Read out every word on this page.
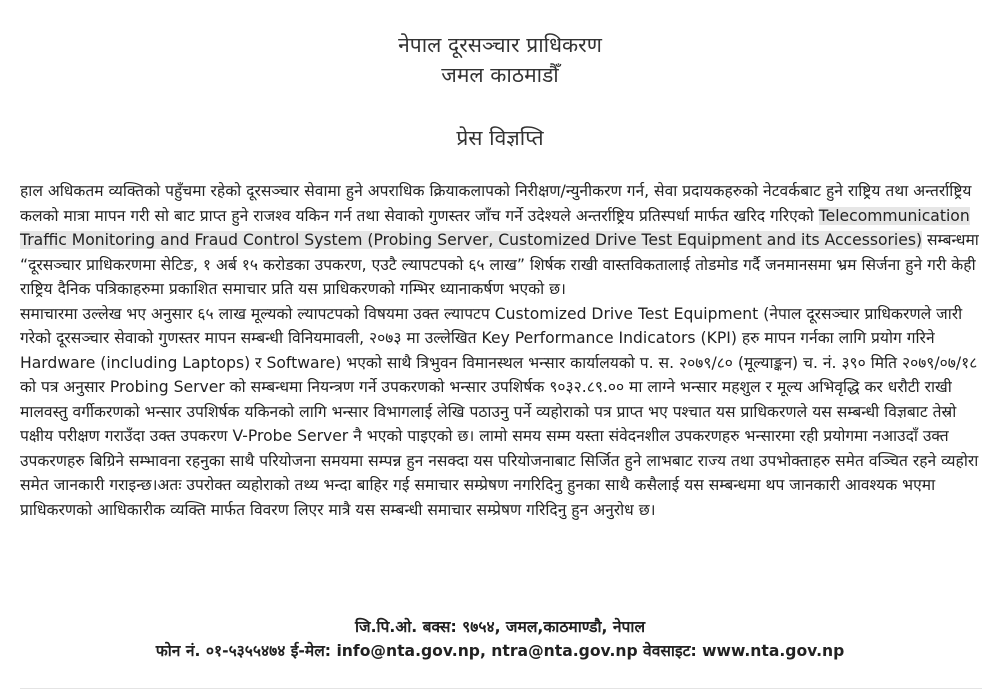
नेपाल दूरसञ्चार प्राधिकरण
जमल काठमाडौँ
प्रेस विज्ञप्ति

हाल अधिकतम व्यक्तिको पहुँचमा रहेको दूरसञ्चार सेवामा हुने अपराधिक क्रियाकलापको निरीक्षण/न्युनीकरण गर्न, सेवा प्रदायकहरुको नेटवर्कबाट हुने राष्ट्रिय तथा अन्तर्राष्ट्रिय कलको मात्रा मापन गरी सो बाट प्राप्त हुने राजश्व यकिन गर्न तथा सेवाको गुणस्तर जाँच गर्ने उदेश्यले अन्तर्राष्ट्रिय प्रतिस्पर्धा मार्फत खरिद गरिएको Telecommunication Traffic Monitoring and Fraud Control System (Probing Server, Customized Drive Test Equipment and its Accessories) सम्बन्धमा “दूरसञ्चार प्राधिकरणमा सेटिङ, १ अर्ब १५ करोडका उपकरण, एउटै ल्यापटपको ६५ लाख” शिर्षक राखी वास्तविकतालाई तोडमोड गर्दै जनमानसमा भ्रम सिर्जना हुने गरी केही राष्ट्रिय दैनिक पत्रिकाहरुमा प्रकाशित समाचार प्रति यस प्राधिकरणको गम्भिर ध्यानाकर्षण भएको छ।

समाचारमा उल्लेख भए अनुसार ६५ लाख मूल्यको ल्यापटपको विषयमा उक्त ल्यापटप Customized Drive Test Equipment (नेपाल दूरसञ्चार प्राधिकरणले जारी गरेको दूरसञ्चार सेवाको गुणस्तर मापन सम्बन्धी विनियमावली, २०७३ मा उल्लेखित Key Performance Indicators (KPI) हरु मापन गर्नका लागि प्रयोग गरिने Hardware (including Laptops) र Software) भएको साथै त्रिभुवन विमानस्थल भन्सार कार्यालयको प. स. २०७९/८० (मूल्याङ्कन) च. नं. ३९० मिति २०७९/०७/१८ को पत्र अनुसार Probing Server को सम्बन्धमा नियन्त्रण गर्ने उपकरणको भन्सार उपशिर्षक ९०३२.८९.०० मा लाग्ने भन्सार महशुल र मूल्य अभिवृद्धि कर धरौटी राखी मालवस्तु वर्गीकरणको भन्सार उपशिर्षक यकिनको लागि भन्सार विभागलाई लेखि पठाउनु पर्ने व्यहोराको पत्र प्राप्त भए पश्चात यस प्राधिकरणले यस सम्बन्धी विज्ञबाट तेस्रो पक्षीय परीक्षण गराउँदा उक्त उपकरण V-Probe Server नै भएको पाइएको छ। लामो समय सम्म यस्ता संवेदनशील उपकरणहरु भन्सारमा रही प्रयोगमा नआउदाँ उक्त उपकरणहरु बिग्रिने सम्भावना रहनुका साथै परियोजना समयमा सम्पन्न हुन नसक्दा यस परियोजनाबाट सिर्जित हुने लाभबाट राज्य तथा उपभोक्ताहरु समेत वञ्चित रहने व्यहोरा समेत जानकारी गराइन्छ।अतः उपरोक्त व्यहोराको तथ्य भन्दा बाहिर गई समाचार सम्प्रेषण नगरिदिनु हुनका साथै कसैलाई यस सम्बन्धमा थप जानकारी आवश्यक भएमा प्राधिकरणको आधिकारीक व्यक्ति मार्फत विवरण लिएर मात्रै यस सम्बन्धी समाचार सम्प्रेषण गरिदिनु हुन अनुरोध छ।

जि.पि.ओ. बक्स: ९७५४, जमल,काठमाण्डौ, नेपाल
फोन नं. ०१-५३५५४७४ ई-मेल: info@nta.gov.np, ntra@nta.gov.np वेवसाइट: www.nta.gov.np
